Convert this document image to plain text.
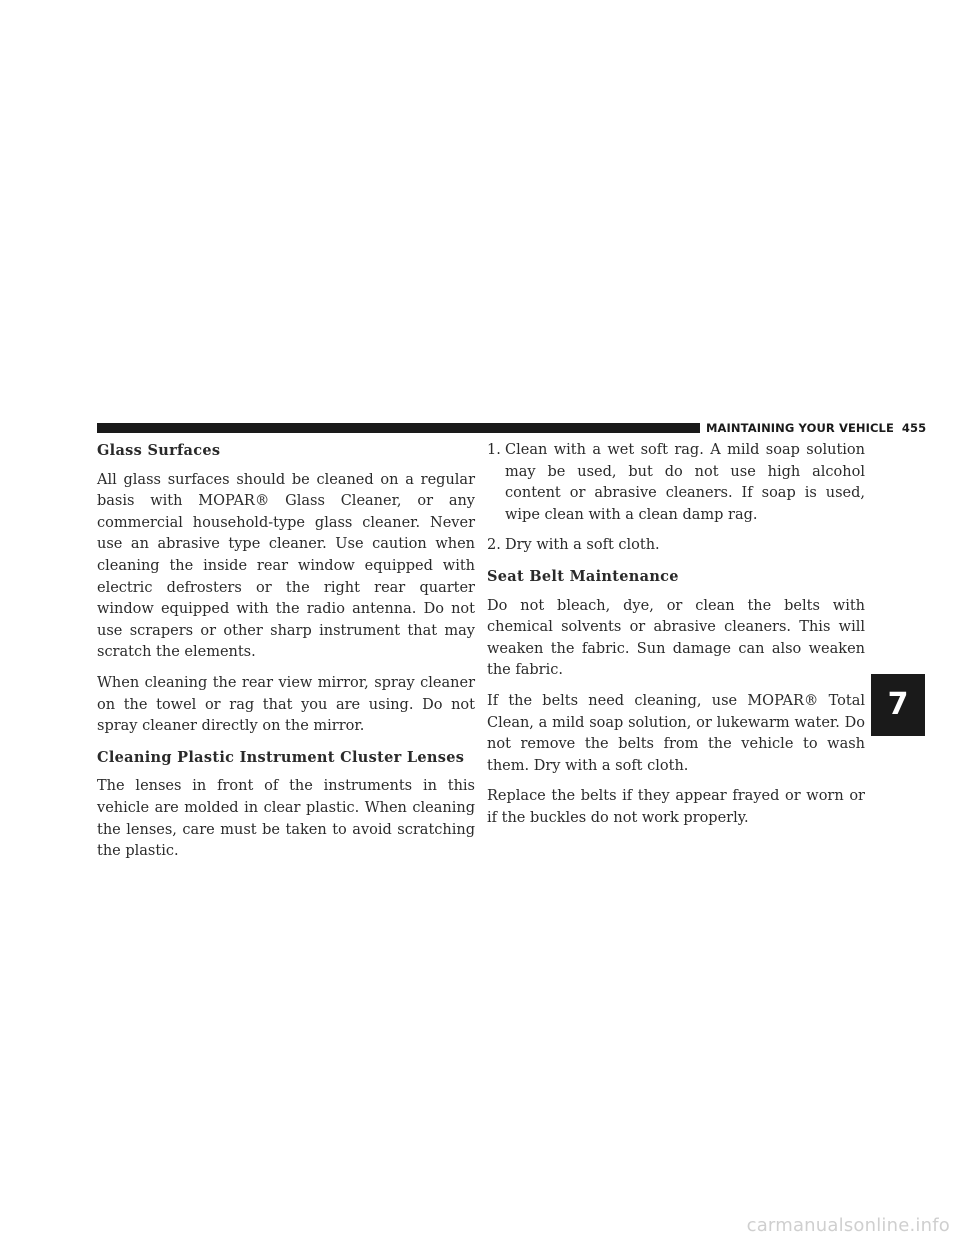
MAINTAINING YOUR VEHICLE 455
Glass Surfaces

All glass surfaces should be cleaned on a regular basis with MOPAR® Glass Cleaner, or any commercial household-type glass cleaner. Never use an abrasive type cleaner. Use caution when cleaning the inside rear window equipped with electric defrosters or the right rear quarter window equipped with the radio antenna. Do not use scrapers or other sharp instrument that may scratch the elements.

When cleaning the rear view mirror, spray cleaner on the towel or rag that you are using. Do not spray cleaner directly on the mirror.

Cleaning Plastic Instrument Cluster Lenses

The lenses in front of the instruments in this vehicle are molded in clear plastic. When cleaning the lenses, care must be taken to avoid scratching the plastic.

1. Clean with a wet soft rag. A mild soap solution may be used, but do not use high alcohol content or abrasive cleaners. If soap is used, wipe clean with a clean damp rag.
2. Dry with a soft cloth.
Seat Belt Maintenance

Do not bleach, dye, or clean the belts with chemical solvents or abrasive cleaners. This will weaken the fabric. Sun damage can also weaken the fabric.

If the belts need cleaning, use MOPAR® Total Clean, a mild soap solution, or lukewarm water. Do not remove the belts from the vehicle to wash them. Dry with a soft cloth.

Replace the belts if they appear frayed or worn or if the buckles do not work properly.

7
carmanualsonline.info
